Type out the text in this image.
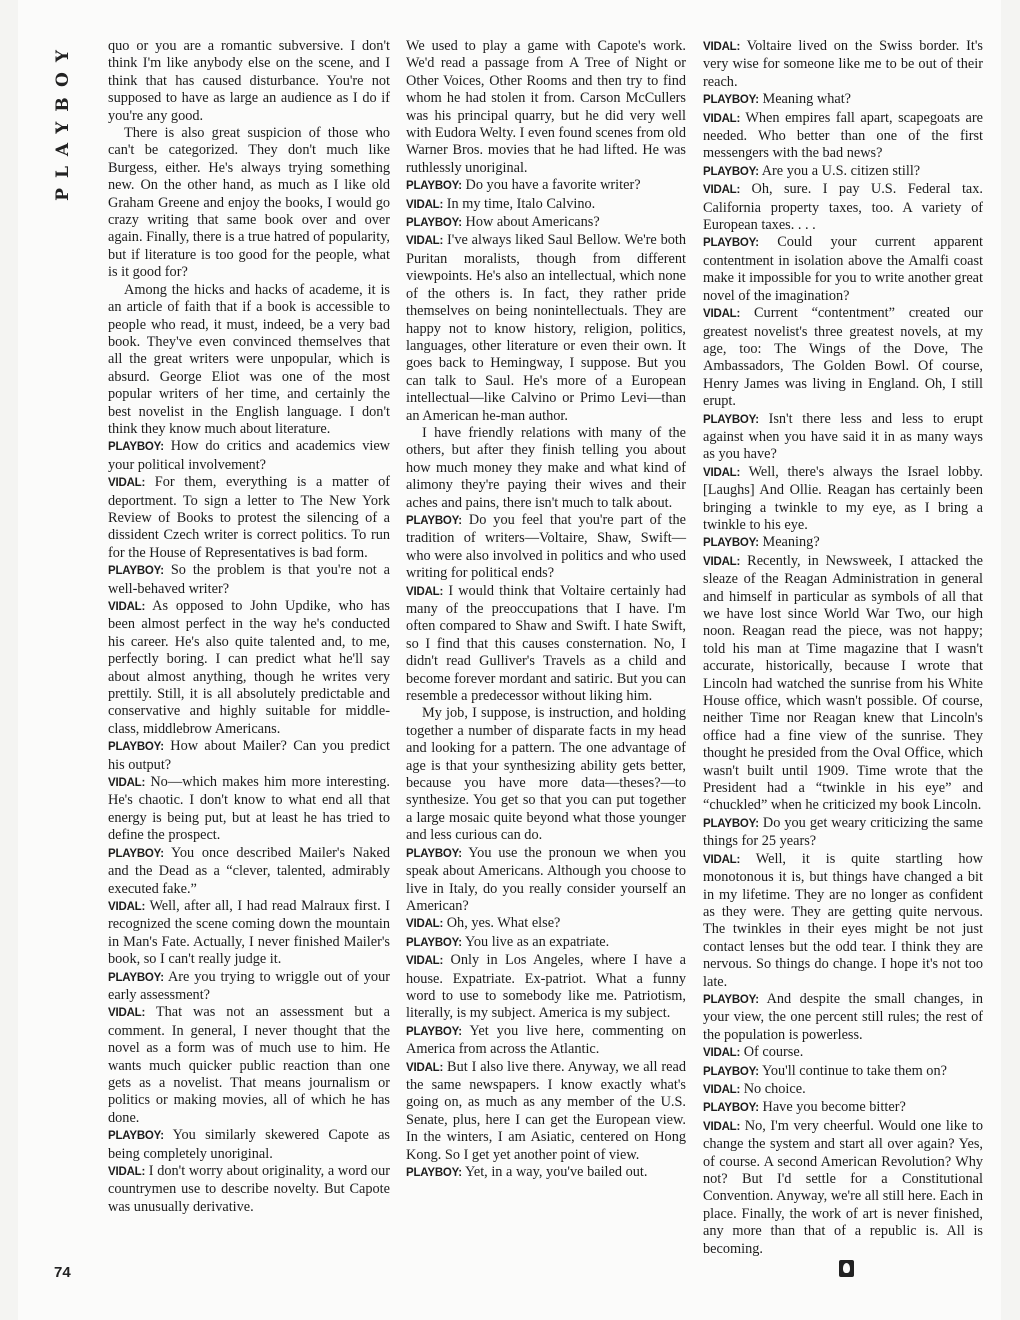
PLAYBOY	quo or you are a romantic subversive. I don't think I'm like anybody else on the scene, and I think that has caused disturbance. You're not supposed to have as large an audience as I do if you're any good.

There is also great suspicion of those who can't be categorized. They don't much like Burgess, either. He's always trying something new. On the other hand, as much as I like old Graham Greene and enjoy the books, I would go crazy writing that same book over and over again. Finally, there is a true hatred of popularity, but if literature is too good for the people, what is it good for?

Among the hicks and hacks of academe, it is an article of faith that if a book is accessible to people who read, it must, indeed, be a very bad book. They've even convinced themselves that all the great writers were unpopular, which is absurd. George Eliot was one of the most popular writers of her time, and certainly the best novelist in the English language. I don't think they know much about literature.

PLAYBOY: How do critics and academics view your political involvement?

VIDAL: For them, everything is a matter of deportment. To sign a letter to The New York Review of Books to protest the silencing of a dissident Czech writer is correct politics. To run for the House of Representatives is bad form.

PLAYBOY: So the problem is that you're not a well-behaved writer?

VIDAL: As opposed to John Updike, who has been almost perfect in the way he's conducted his career. He's also quite talented and, to me, perfectly boring. I can predict what he'll say about almost anything, though he writes very prettily. Still, it is all absolutely predictable and conservative and highly suitable for middle-class, middlebrow Americans.

PLAYBOY: How about Mailer? Can you predict his output?

VIDAL: No—which makes him more interesting. He's chaotic. I don't know to what end all that energy is being put, but at least he has tried to define the prospect.

PLAYBOY: You once described Mailer's Naked and the Dead as a “clever, talented, admirably executed fake.”

VIDAL: Well, after all, I had read Malraux first. I recognized the scene coming down the mountain in Man's Fate. Actually, I never finished Mailer's book, so I can't really judge it.

PLAYBOY: Are you trying to wriggle out of your early assessment?

VIDAL: That was not an assessment but a comment. In general, I never thought that the novel as a form was of much use to him. He wants much quicker public reaction than one gets as a novelist. That means journalism or politics or making movies, all of which he has done.

PLAYBOY: You similarly skewered Capote as being completely unoriginal.

VIDAL: I don't worry about originality, a word our countrymen use to describe novelty. But Capote was unusually derivative.

We used to play a game with Capote's work. We'd read a passage from A Tree of Night or Other Voices, Other Rooms and then try to find whom he had stolen it from. Carson McCullers was his principal quarry, but he did very well with Eudora Welty. I even found scenes from old Warner Bros. movies that he had lifted. He was ruthlessly unoriginal.

PLAYBOY: Do you have a favorite writer?

VIDAL: In my time, Italo Calvino.

PLAYBOY: How about Americans?

VIDAL: I've always liked Saul Bellow. We're both Puritan moralists, though from different viewpoints. He's also an intellectual, which none of the others is. In fact, they rather pride themselves on being nonintellectuals. They are happy not to know history, religion, politics, languages, other literature or even their own. It goes back to Hemingway, I suppose. But you can talk to Saul. He's more of a European intellectual—like Calvino or Primo Levi—than an American he-man author.

I have friendly relations with many of the others, but after they finish telling you about how much money they make and what kind of alimony they're paying their wives and their aches and pains, there isn't much to talk about.

PLAYBOY: Do you feel that you're part of the tradition of writers—Voltaire, Shaw, Swift—who were also involved in politics and who used writing for political ends?

VIDAL: I would think that Voltaire certainly had many of the preoccupations that I have. I'm often compared to Shaw and Swift. I hate Swift, so I find that this causes consternation. No, I didn't read Gulliver's Travels as a child and become forever mordant and satiric. But you can resemble a predecessor without liking him.

My job, I suppose, is instruction, and holding together a number of disparate facts in my head and looking for a pattern. The one advantage of age is that your synthesizing ability gets better, because you have more data—theses?—to synthesize. You get so that you can put together a large mosaic quite beyond what those younger and less curious can do.

PLAYBOY: You use the pronoun we when you speak about Americans. Although you choose to live in Italy, do you really consider yourself an American?

VIDAL: Oh, yes. What else?

PLAYBOY: You live as an expatriate.

VIDAL: Only in Los Angeles, where I have a house. Expatriate. Ex-patriot. What a funny word to use to somebody like me. Patriotism, literally, is my subject. America is my subject.

PLAYBOY: Yet you live here, commenting on America from across the Atlantic.

VIDAL: But I also live there. Anyway, we all read the same newspapers. I know exactly what's going on, as much as any member of the U.S. Senate, plus, here I can get the European view. In the winters, I am Asiatic, centered on Hong Kong. So I get yet another point of view.

PLAYBOY: Yet, in a way, you've bailed out.

VIDAL: Voltaire lived on the Swiss border. It's very wise for someone like me to be out of their reach.

PLAYBOY: Meaning what?

VIDAL: When empires fall apart, scapegoats are needed. Who better than one of the first messengers with the bad news?

PLAYBOY: Are you a U.S. citizen still?

VIDAL: Oh, sure. I pay U.S. Federal tax. California property taxes, too. A variety of European taxes. . . .

PLAYBOY: Could your current apparent contentment in isolation above the Amalfi coast make it impossible for you to write another great novel of the imagination?

VIDAL: Current “contentment” created our greatest novelist's three greatest novels, at my age, too: The Wings of the Dove, The Ambassadors, The Golden Bowl. Of course, Henry James was living in England. Oh, I still erupt.

PLAYBOY: Isn't there less and less to erupt against when you have said it in as many ways as you have?

VIDAL: Well, there's always the Israel lobby. [Laughs] And Ollie. Reagan has certainly been bringing a twinkle to my eye, as I bring a twinkle to his eye.

PLAYBOY: Meaning?

VIDAL: Recently, in Newsweek, I attacked the sleaze of the Reagan Administration in general and himself in particular as symbols of all that we have lost since World War Two, our high noon. Reagan read the piece, was not happy; told his man at Time magazine that I wasn't accurate, historically, because I wrote that Lincoln had watched the sunrise from his White House office, which wasn't possible. Of course, neither Time nor Reagan knew that Lincoln's office had a fine view of the sunrise. They thought he presided from the Oval Office, which wasn't built until 1909. Time wrote that the President had a “twinkle in his eye” and “chuckled” when he criticized my book Lincoln.

PLAYBOY: Do you get weary criticizing the same things for 25 years?

VIDAL: Well, it is quite startling how monotonous it is, but things have changed a bit in my lifetime. They are no longer as confident as they were. They are getting quite nervous. The twinkles in their eyes might be not just contact lenses but the odd tear. I think they are nervous. So things do change. I hope it's not too late.

PLAYBOY: And despite the small changes, in your view, the one percent still rules; the rest of the population is powerless.

VIDAL: Of course.

PLAYBOY: You'll continue to take them on?

VIDAL: No choice.

PLAYBOY: Have you become bitter?

VIDAL: No, I'm very cheerful. Would one like to change the system and start all over again? Yes, of course. A second American Revolution? Why not? But I'd settle for a Constitutional Convention. Anyway, we're all still here. Each in place. Finally, the work of art is never finished, any more than that of a republic is. All is becoming.

74
